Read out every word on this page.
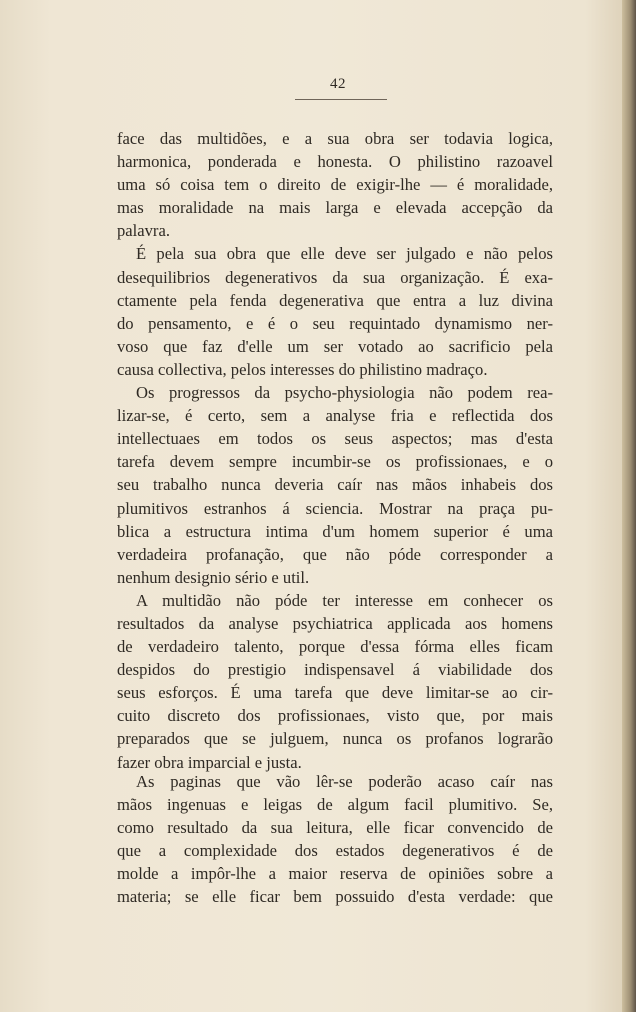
42
face das multidões, e a sua obra ser todavia logica,
harmonica, ponderada e honesta. O philistino razoavel
uma só coisa tem o direito de exigir-lhe — é moralidade,
mas moralidade na mais larga e elevada accepção da
palavra.
É pela sua obra que elle deve ser julgado e não pelos
desequilibrios degenerativos da sua organização. É exa-
ctamente pela fenda degenerativa que entra a luz divina
do pensamento, e é o seu requintado dynamismo ner-
voso que faz d'elle um ser votado ao sacrificio pela
causa collectiva, pelos interesses do philistino madraço.
Os progressos da psycho-physiologia não podem rea-
lizar-se, é certo, sem a analyse fria e reflectida dos
intellectuaes em todos os seus aspectos; mas d'esta
tarefa devem sempre incumbir-se os profissionaes, e o
seu trabalho nunca deveria caír nas mãos inhabeis dos
plumitivos estranhos á sciencia. Mostrar na praça pu-
blica a estructura intima d'um homem superior é uma
verdadeira profanação, que não póde corresponder a
nenhum designio sério e util.
A multidão não póde ter interesse em conhecer os
resultados da analyse psychiatrica applicada aos homens
de verdadeiro talento, porque d'essa fórma elles ficam
despidos do prestigio indispensavel á viabilidade dos
seus esforços. É uma tarefa que deve limitar-se ao cir-
cuito discreto dos profissionaes, visto que, por mais
preparados que se julguem, nunca os profanos lograrão
fazer obra imparcial e justa.
As paginas que vão lêr-se poderão acaso caír nas
mãos ingenuas e leigas de algum facil plumitivo. Se,
como resultado da sua leitura, elle ficar convencido de
que a complexidade dos estados degenerativos é de
molde a impôr-lhe a maior reserva de opiniões sobre a
materia; se elle ficar bem possuido d'esta verdade: que
